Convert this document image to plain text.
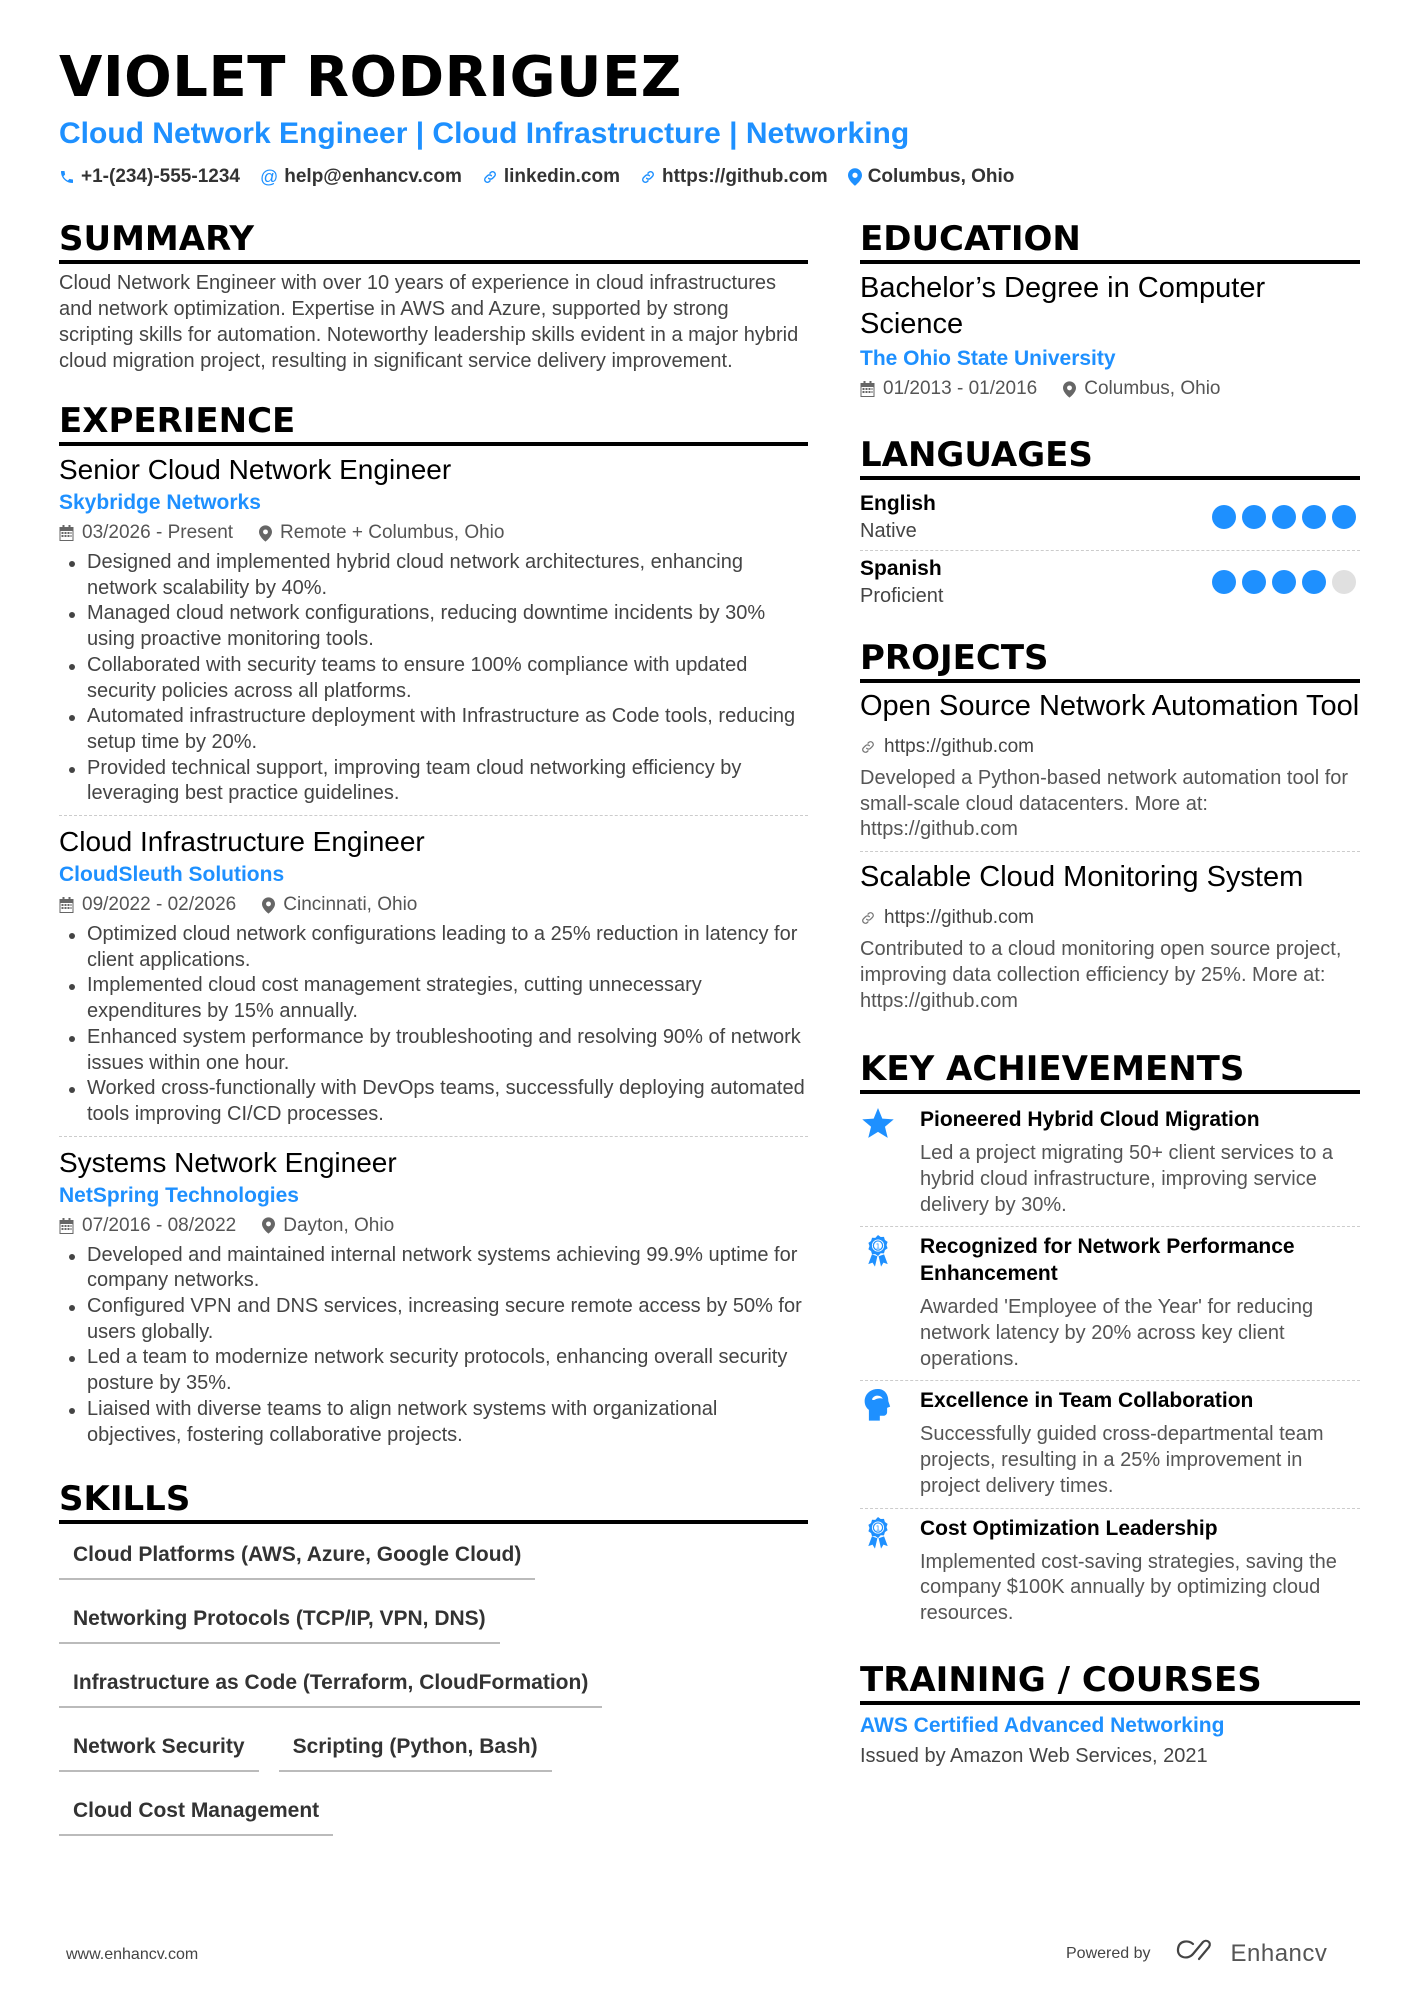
VIOLET RODRIGUEZ
Cloud Network Engineer | Cloud Infrastructure | Networking
+1-(234)-555-1234 @ help@enhancv.com linkedin.com https://github.com Columbus, Ohio
SUMMARY
Cloud Network Engineer with over 10 years of experience in cloud infrastructures and network optimization. Expertise in AWS and Azure, supported by strong scripting skills for automation. Noteworthy leadership skills evident in a major hybrid cloud migration project, resulting in significant service delivery improvement.
EXPERIENCE
Senior Cloud Network Engineer
Skybridge Networks
03/2026 - Present Remote + Columbus, Ohio
Designed and implemented hybrid cloud network architectures, enhancing network scalability by 40%.
Managed cloud network configurations, reducing downtime incidents by 30% using proactive monitoring tools.
Collaborated with security teams to ensure 100% compliance with updated security policies across all platforms.
Automated infrastructure deployment with Infrastructure as Code tools, reducing setup time by 20%.
Provided technical support, improving team cloud networking efficiency by leveraging best practice guidelines.
Cloud Infrastructure Engineer
CloudSleuth Solutions
09/2022 - 02/2026 Cincinnati, Ohio
Optimized cloud network configurations leading to a 25% reduction in latency for client applications.
Implemented cloud cost management strategies, cutting unnecessary expenditures by 15% annually.
Enhanced system performance by troubleshooting and resolving 90% of network issues within one hour.
Worked cross-functionally with DevOps teams, successfully deploying automated tools improving CI/CD processes.
Systems Network Engineer
NetSpring Technologies
07/2016 - 08/2022 Dayton, Ohio
Developed and maintained internal network systems achieving 99.9% uptime for company networks.
Configured VPN and DNS services, increasing secure remote access by 50% for users globally.
Led a team to modernize network security protocols, enhancing overall security posture by 35%.
Liaised with diverse teams to align network systems with organizational objectives, fostering collaborative projects.
SKILLS
Cloud Platforms (AWS, Azure, Google Cloud)
Networking Protocols (TCP/IP, VPN, DNS)
Infrastructure as Code (Terraform, CloudFormation)
Network Security	Scripting (Python, Bash)
Cloud Cost Management
EDUCATION
Bachelor’s Degree in Computer Science
The Ohio State University
01/2013 - 01/2016 Columbus, Ohio
LANGUAGES
English
Native
Spanish
Proficient
PROJECTS
Open Source Network Automation Tool
https://github.com
Developed a Python-based network automation tool for small-scale cloud datacenters. More at: https://github.com
Scalable Cloud Monitoring System
https://github.com
Contributed to a cloud monitoring open source project, improving data collection efficiency by 25%. More at: https://github.com
KEY ACHIEVEMENTS
Pioneered Hybrid Cloud Migration
Led a project migrating 50+ client services to a hybrid cloud infrastructure, improving service delivery by 30%.
1 Recognized for Network Performance Enhancement
Awarded 'Employee of the Year' for reducing network latency by 20% across key client operations.
Excellence in Team Collaboration
Successfully guided cross-departmental team projects, resulting in a 25% improvement in project delivery times.
1 Cost Optimization Leadership
Implemented cost-saving strategies, saving the company $100K annually by optimizing cloud resources.
TRAINING / COURSES
AWS Certified Advanced Networking
Issued by Amazon Web Services, 2021
www.enhancv.com	Powered by	Enhancv
